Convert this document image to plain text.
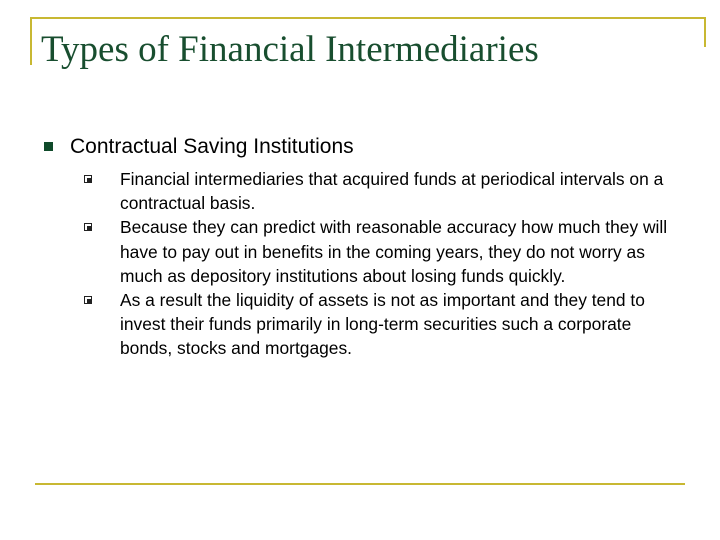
Types of Financial Intermediaries
Contractual Saving Institutions
Financial intermediaries that acquired funds at periodical intervals on a contractual basis.
Because they can predict with reasonable accuracy how much they will have to pay out in benefits in the coming years, they do not worry as much as depository institutions about losing funds quickly.
As a result the liquidity of assets is not as important and they tend to invest their funds primarily in long-term securities such a corporate bonds, stocks and mortgages.
